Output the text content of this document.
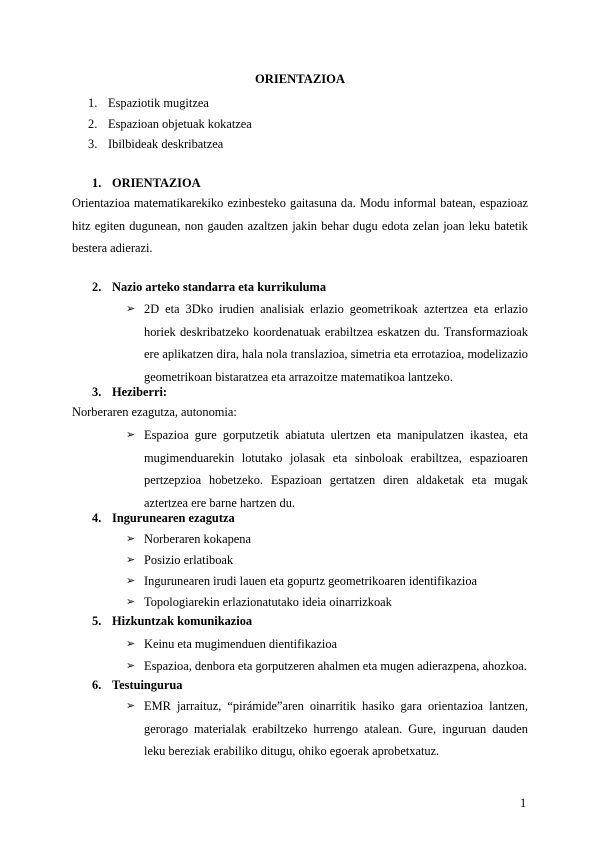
ORIENTAZIOA
1. Espaziotik mugitzea
2. Espazioan objetuak kokatzea
3. Ibilbideak deskribatzea
1. ORIENTAZIOA
Orientazioa matematikarekiko ezinbesteko gaitasuna da. Modu informal batean, espazioaz hitz egiten dugunean, non gauden azaltzen jakin behar dugu edota zelan joan leku batetik bestera adierazi.
2. Nazio arteko standarra eta kurrikuluma
➢ 2D eta 3Dko irudien analisiak erlazio geometrikoak aztertzea eta erlazio horiek deskribatzeko koordenatuak erabiltzea eskatzen du. Transformazioak ere aplikatzen dira, hala nola translazioa, simetria eta errotazioa, modelizazio geometrikoan bistaratzea eta arrazoitze matematikoa lantzeko.
3. Heziberri:
Norberaren ezagutza, autonomia:
➢ Espazioa gure gorputzetik abiatuta ulertzen eta manipulatzen ikastea, eta mugimenduarekin lotutako jolasak eta sinboloak erabiltzea, espazioaren pertzepzioa hobetzeko. Espazioan gertatzen diren aldaketak eta mugak aztertzea ere barne hartzen du.
4. Ingurunearen ezagutza
➢ Norberaren kokapena
➢ Posizio erlatiboak
➢ Ingurunearen irudi lauen eta gopurtz geometrikoaren identifikazioa
➢ Topologiarekin erlazionatutako ideia oinarrizkoak
5. Hizkuntzak komunikazioa
➢ Keinu eta mugimenduen dientifikazioa
➢ Espazioa, denbora eta gorputzeren ahalmen eta mugen adierazpena, ahozkoa.
6. Testuingurua
➢ EMR jarraituz, “pirámide”aren oinarritik hasiko gara orientazioa lantzen, gerorago materialak erabiltzeko hurrengo atalean. Gure, inguruan dauden leku bereziak erabiliko ditugu, ohiko egoerak aprobetxatuz.
1
